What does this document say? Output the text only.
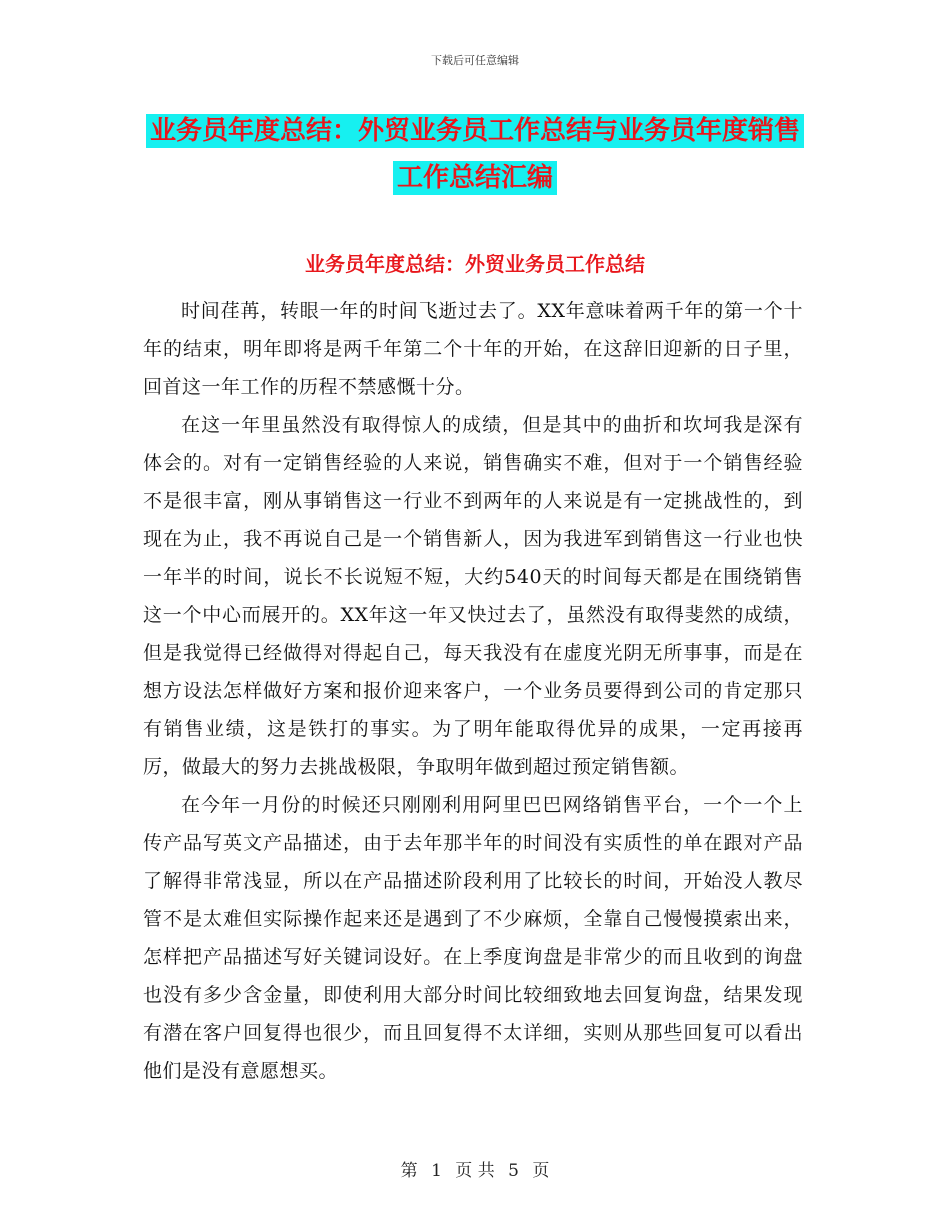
下载后可任意编辑
业务员年度总结：外贸业务员工作总结与业务员年度销售工作总结汇编
业务员年度总结：外贸业务员工作总结

时间荏苒，转眼一年的时间飞逝过去了。XX年意味着两千年的第一个十年的结束，明年即将是两千年第二个十年的开始，在这辞旧迎新的日子里，回首这一年工作的历程不禁感慨十分。

在这一年里虽然没有取得惊人的成绩，但是其中的曲折和坎坷我是深有体会的。对有一定销售经验的人来说，销售确实不难，但对于一个销售经验不是很丰富，刚从事销售这一行业不到两年的人来说是有一定挑战性的，到现在为止，我不再说自己是一个销售新人，因为我进军到销售这一行业也快一年半的时间，说长不长说短不短，大约540天的时间每天都是在围绕销售这一个中心而展开的。XX年这一年又快过去了，虽然没有取得斐然的成绩，但是我觉得已经做得对得起自己，每天我没有在虚度光阴无所事事，而是在想方设法怎样做好方案和报价迎来客户，一个业务员要得到公司的肯定那只有销售业绩，这是铁打的事实。为了明年能取得优异的成果，一定再接再厉，做最大的努力去挑战极限，争取明年做到超过预定销售额。

在今年一月份的时候还只刚刚利用阿里巴巴网络销售平台，一个一个上传产品写英文产品描述，由于去年那半年的时间没有实质性的单在跟对产品了解得非常浅显，所以在产品描述阶段利用了比较长的时间，开始没人教尽管不是太难但实际操作起来还是遇到了不少麻烦，全靠自己慢慢摸索出来，怎样把产品描述写好关键词设好。在上季度询盘是非常少的而且收到的询盘也没有多少含金量，即使利用大部分时间比较细致地去回复询盘，结果发现有潜在客户回复得也很少，而且回复得不太详细，实则从那些回复可以看出他们是没有意愿想买。

第 1 页 共 5 页
